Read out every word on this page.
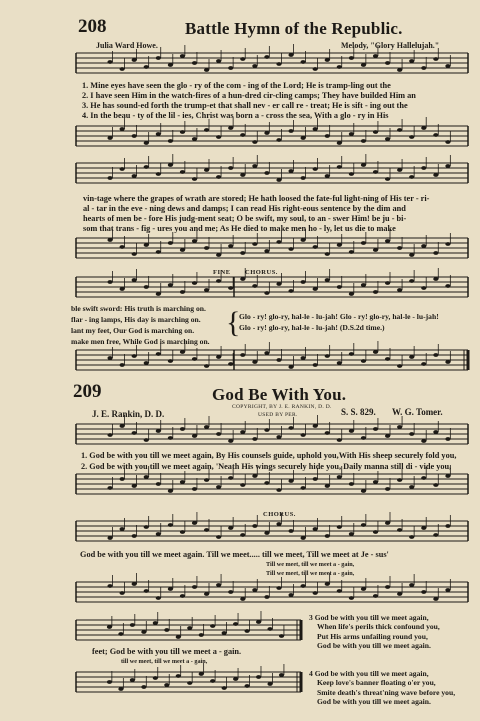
208	Battle Hymn of the Republic.
Julia Ward Howe.	Melody, "Glory Hallelujah."
1. Mine eyes have seen the glo - ry of the com - ing of the Lord; He is tramp-ling out the
2. I have seen Him in the watch-fires of a hun-dred cir-cling camps; They have builded Him an
3. He has sound-ed forth the trump-et that shall nev - er call re - treat; He is sift - ing out the
4. In the beau - ty of the lil - ies, Christ was born a - cross the sea, With a glo - ry in His
vin-tage where the grapes of wrath are stored; He hath loosed the fate-ful light-ning of His ter - ri-
al - tar in the eve - ning dews and damps; I can read His right-eous sentence by the dim and
hearts of men be - fore His judg-ment seat; O be swift, my soul, to an - swer Him! be ju - bi-
som that trans - fig - ures you and me; As He died to make men ho - ly, let us die to make
FINE CHORUS.
ble swift sword: His truth is marching on.
flar - ing lamps, His day is marching on.
lant my feet, Our God is marching on.
make men free, While God is marching on.
{
Glo - ry! glo-ry, hal-le - lu-jah! Glo - ry! glo-ry, hal-le - lu-jah!
Glo - ry! glo-ry, hal-le - lu-jah! (D.S.2d time.)
209	God Be With You.
COPYRIGHT, BY J. E. RANKIN, D. D.
USED BY PER.
J. E. Rankin, D. D.	S. S. 829. W. G. Tomer.
1. God be with you till we meet again, By His counsels guide, uphold you,With His sheep securely fold you,
2. God be with you till we meet again, 'Neath His wings securely hide you, Daily manna still di - vide you,
CHORUS.
God be with you till we meet again. Till we meet..... till we meet, Till we meet at Je - sus'
Till we meet, till we meet a - gain,
Till we meet, till we meet a - gain,
feet; God be with you till we meet a - gain.
till we meet, till we meet a - gain,
3 God be with you till we meet again,
When life's perils thick confound you,
Put His arms unfailing round you,
God be with you till we meet again.
4 God be with you till we meet again,
Keep love's banner floating o'er you,
Smite death's threat'ning wave before you,
God be with you till we meet again.
